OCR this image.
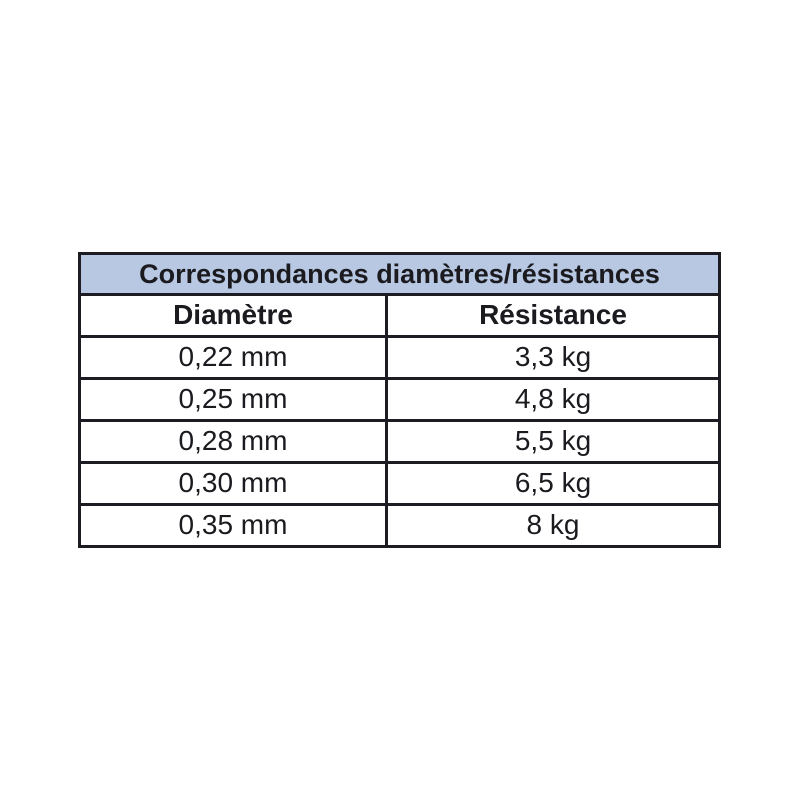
Correspondances diamètres/résistances
Diamètre	Résistance
0,22 mm	3,3 kg
0,25 mm	4,8 kg
0,28 mm	5,5 kg
0,30 mm	6,5 kg
0,35 mm	8 kg
